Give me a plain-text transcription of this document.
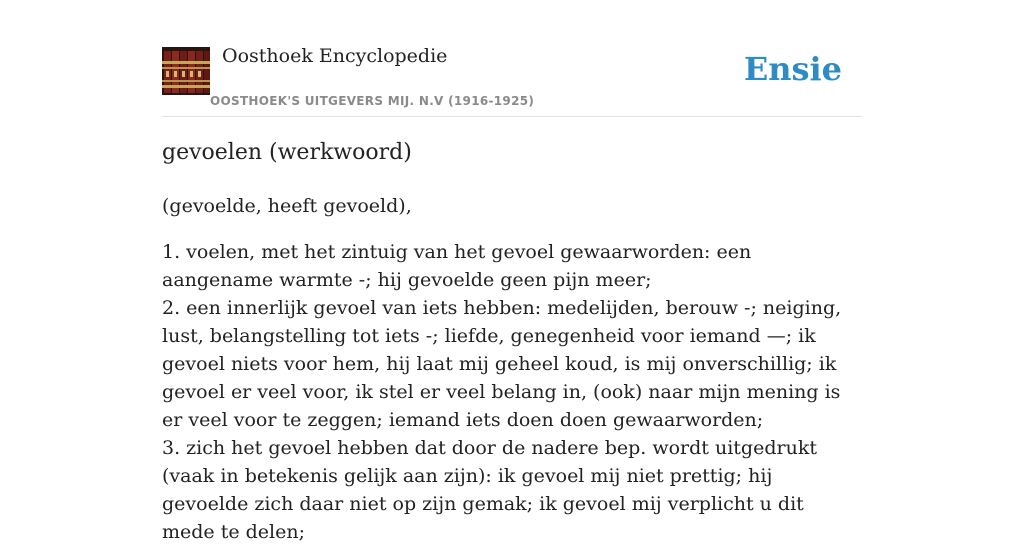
Oosthoek Encyclopedie
OOSTHOEK'S UITGEVERS MIJ. N.V (1916-1925)
Ensie
gevoelen (werkwoord)

(gevoelde, heeft gevoeld),

1. voelen, met het zintuig van het gevoel gewaarworden: een aangename warmte -; hij gevoelde geen pijn meer;

2. een innerlijk gevoel van iets hebben: medelijden, berouw -; neiging, lust, belangstelling tot iets -; liefde, genegenheid voor iemand —; ik gevoel niets voor hem, hij laat mij geheel koud, is mij onverschillig; ik gevoel er veel voor, ik stel er veel belang in, (ook) naar mijn mening is er veel voor te zeggen; iemand iets doen doen gewaarworden;

3. zich het gevoel hebben dat door de nadere bep. wordt uitgedrukt (vaak in betekenis gelijk aan zijn): ik gevoel mij niet prettig; hij gevoelde zich daar niet op zijn gemak; ik gevoel mij verplicht u dit mede te delen;
